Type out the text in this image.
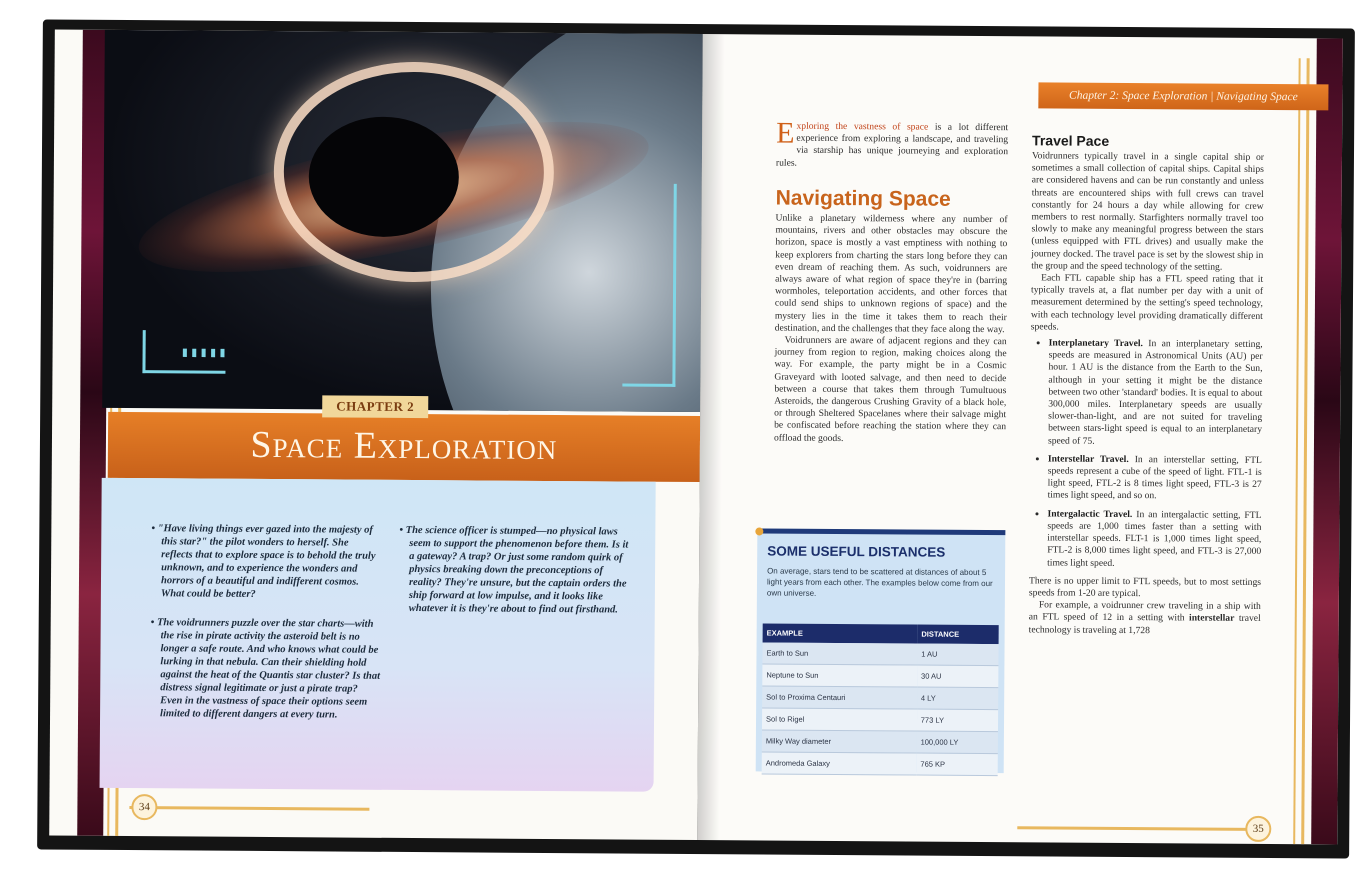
▮▮▮▮▮
Space Exploration
CHAPTER 2

• "Have living things ever gazed into the majesty of this star?" the pilot wonders to herself. She reflects that to explore space is to behold the truly unknown, and to experience the wonders and horrors of a beautiful and indifferent cosmos. What could be better?

• The voidrunners puzzle over the star charts—with the rise in pirate activity the asteroid belt is no longer a safe route. And who knows what could be lurking in that nebula. Can their shielding hold against the heat of the Quantis star cluster? Is that distress signal legitimate or just a pirate trap? Even in the vastness of space their options seem limited to different dangers at every turn.

• The science officer is stumped—no physical laws seem to support the phenomenon before them. Is it a gateway? A trap? Or just some random quirk of physics breaking down the preconceptions of reality? They're unsure, but the captain orders the ship forward at low impulse, and it looks like whatever it is they're about to find out firsthand.

34
Chapter 2: Space Exploration | Navigating Space

Exploring the vastness of space is a lot different experience from exploring a landscape, and traveling via starship has unique journeying and exploration rules.

Navigating Space

Unlike a planetary wilderness where any number of mountains, rivers and other obstacles may obscure the horizon, space is mostly a vast emptiness with nothing to keep explorers from charting the stars long before they can even dream of reaching them. As such, voidrunners are always aware of what region of space they're in (barring wormholes, teleportation accidents, and other forces that could send ships to unknown regions of space) and the mystery lies in the time it takes them to reach their destination, and the challenges that they face along the way.

Voidrunners are aware of adjacent regions and they can journey from region to region, making choices along the way. For example, the party might be in a Cosmic Graveyard with looted salvage, and then need to decide between a course that takes them through Tumultuous Asteroids, the dangerous Crushing Gravity of a black hole, or through Sheltered Spacelanes where their salvage might be confiscated before reaching the station where they can offload the goods.

SOME USEFUL DISTANCES
On average, stars tend to be scattered at distances of about 5 light years from each other. The examples below come from our own universe.
EXAMPLE	DISTANCE
Earth to Sun	1 AU
Neptune to Sun	30 AU
Sol to Proxima Centauri	4 LY
Sol to Rigel	773 LY
Milky Way diameter	100,000 LY
Andromeda Galaxy	765 KP
Travel Pace

Voidrunners typically travel in a single capital ship or sometimes a small collection of capital ships. Capital ships are considered havens and can be run constantly and unless threats are encountered ships with full crews can travel constantly for 24 hours a day while allowing for crew members to rest normally. Starfighters normally travel too slowly to make any meaningful progress between the stars (unless equipped with FTL drives) and usually make the journey docked. The travel pace is set by the slowest ship in the group and the speed technology of the setting.

Each FTL capable ship has a FTL speed rating that it typically travels at, a flat number per day with a unit of measurement determined by the setting's speed technology, with each technology level providing dramatically different speeds.

• Interplanetary Travel. In an interplanetary setting, speeds are measured in Astronomical Units (AU) per hour. 1 AU is the distance from the Earth to the Sun, although in your setting it might be the distance between two other 'standard' bodies. It is equal to about 300,000 miles. Interplanetary speeds are usually slower-than-light, and are not suited for traveling between stars-light speed is equal to an interplanetary speed of 75.
• Interstellar Travel. In an interstellar setting, FTL speeds represent a cube of the speed of light. FTL-1 is light speed, FTL-2 is 8 times light speed, FTL-3 is 27 times light speed, and so on.
• Intergalactic Travel. In an intergalactic setting, FTL speeds are 1,000 times faster than a setting with interstellar speeds. FLT-1 is 1,000 times light speed, FTL-2 is 8,000 times light speed, and FTL-3 is 27,000 times light speed.

There is no upper limit to FTL speeds, but to most settings speeds from 1-20 are typical.

For example, a voidrunner crew traveling in a ship with an FTL speed of 12 in a setting with interstellar travel technology is traveling at 1,728

35
